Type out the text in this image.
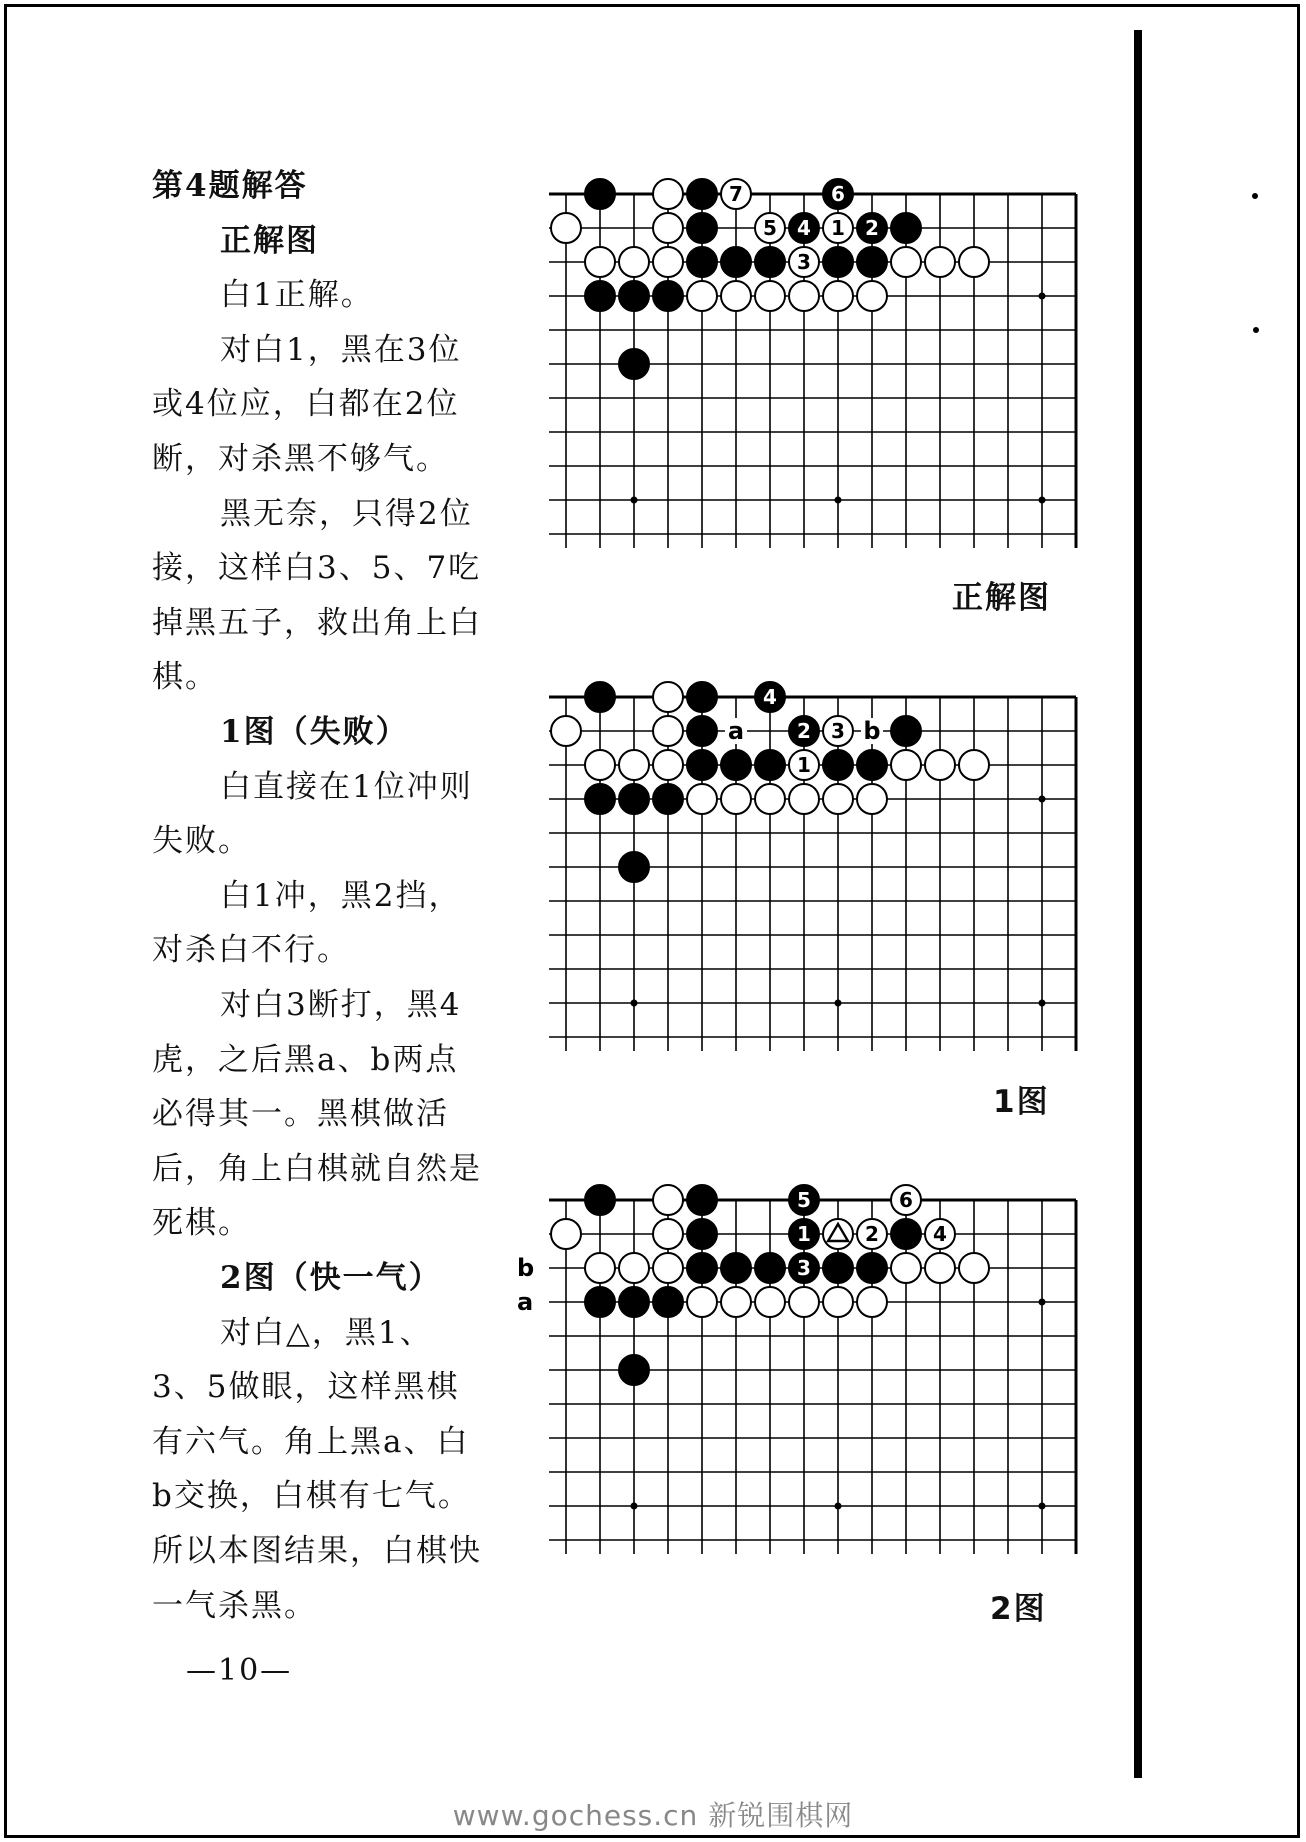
第4题解答
正解图
白1正解。
对白1，黑在3位
或4位应，白都在2位
断，对杀黑不够气。
黑无奈，只得2位
接，这样白3、5、7吃
掉黑五子，救出角上白
棋。
1图（失败）
白直接在1位冲则
失败。
白1冲，黑2挡，
对杀白不行。
对白3断打，黑4
虎，之后黑a、b两点
必得其一。黑棋做活
后，角上白棋就自然是
死棋。
2图（快一气）
对白△，黑1、
3、5做眼，这样黑棋
有六气。角上黑a、白
b交换，白棋有七气。
所以本图结果，白棋快
一气杀黑。
7	6
5 4 1 2
3
正解图
4
2 3
1
a	b
1图
5	6
1	2	4
3
b
a
2图
—10—
www.gochess.cn 新锐围棋网
